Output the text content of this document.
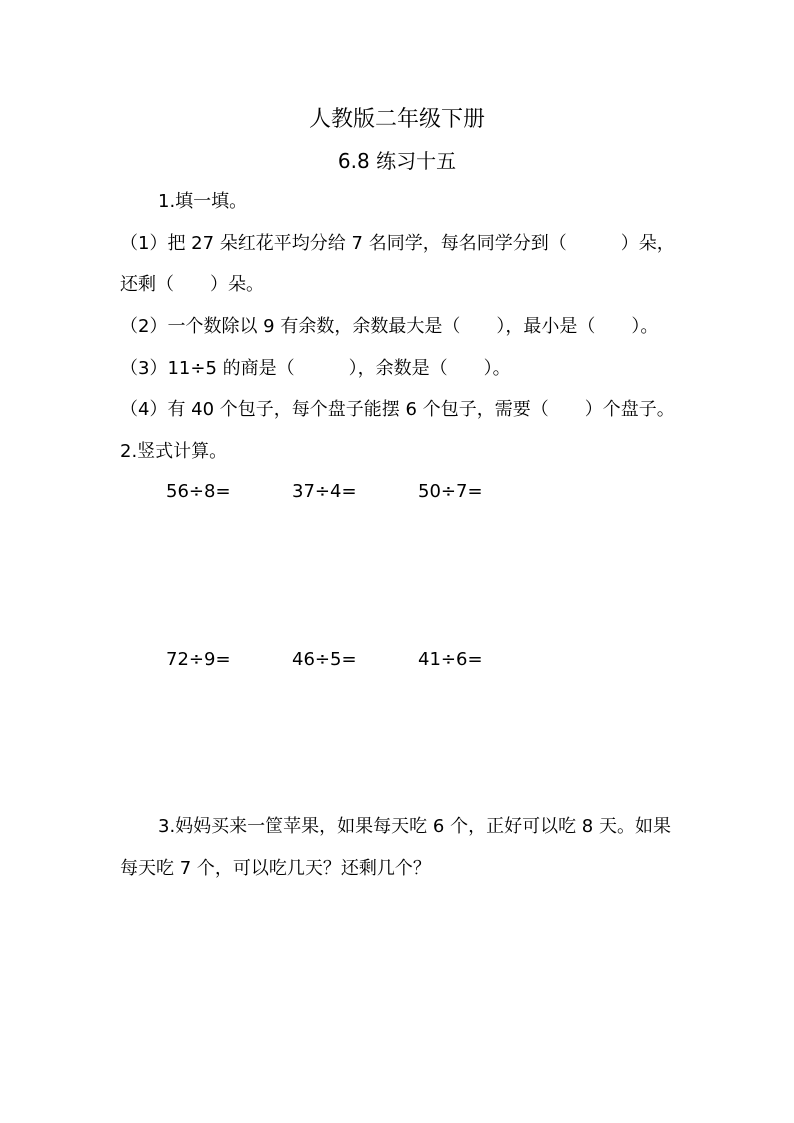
人教版二年级下册
6.8 练习十五
1.填一填。
（1）把 27 朵红花平均分给 7 名同学，每名同学分到（　　　）朵，
还剩（　　）朵。
（2）一个数除以 9 有余数，余数最大是（　　），最小是（　　）。
（3）11÷5 的商是（　　　），余数是（　　）。
（4）有 40 个包子，每个盘子能摆 6 个包子，需要（　　）个盘子。
2.竖式计算。
56÷8=	37÷4=	50÷7=
72÷9=	46÷5=	41÷6=
3.妈妈买来一筐苹果，如果每天吃 6 个，正好可以吃 8 天。如果
每天吃 7 个，可以吃几天？还剩几个？
